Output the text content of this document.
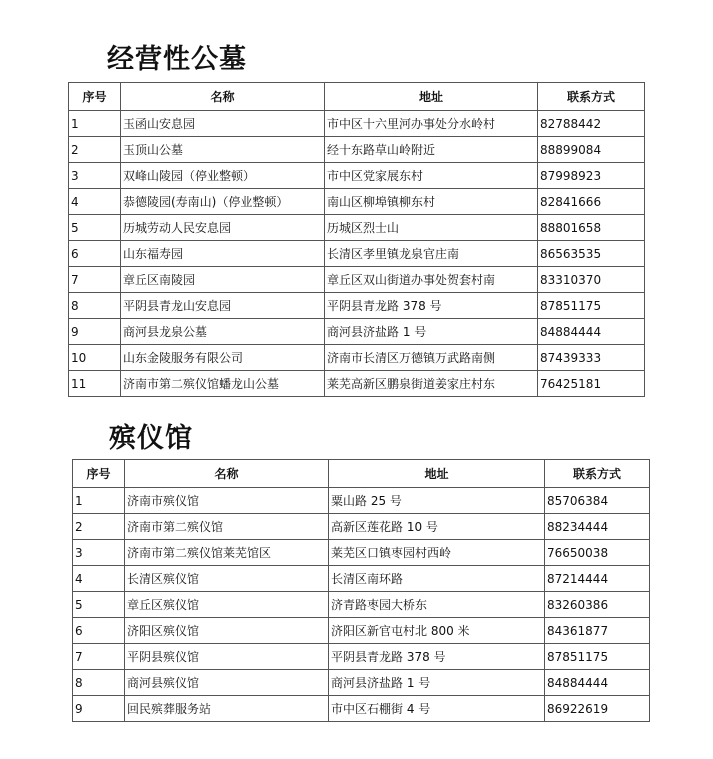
经营性公墓
序号	名称	地址	联系方式
1	玉函山安息园	市中区十六里河办事处分水岭村	82788442
2	玉顶山公墓	经十东路草山岭附近	88899084
3	双峰山陵园（停业整顿）	市中区党家展东村	87998923
4	恭德陵园(寿南山)（停业整顿）	南山区柳埠镇柳东村	82841666
5	历城劳动人民安息园	历城区烈士山	88801658
6	山东福寿园	长清区孝里镇龙泉官庄南	86563535
7	章丘区南陵园	章丘区双山街道办事处贺套村南	83310370
8	平阴县青龙山安息园	平阴县青龙路 378 号	87851175
9	商河县龙泉公墓	商河县济盐路 1 号	84884444
10	山东金陵服务有限公司	济南市长清区万德镇万武路南侧	87439333
11	济南市第二殡仪馆蟠龙山公墓	莱芜高新区鹏泉街道姜家庄村东	76425181
殡仪馆
序号	名称	地址	联系方式
1	济南市殡仪馆	粟山路 25 号	85706384
2	济南市第二殡仪馆	高新区莲花路 10 号	88234444
3	济南市第二殡仪馆莱芜馆区	莱芜区口镇枣园村西岭	76650038
4	长清区殡仪馆	长清区南环路	87214444
5	章丘区殡仪馆	济青路枣园大桥东	83260386
6	济阳区殡仪馆	济阳区新官屯村北 800 米	84361877
7	平阴县殡仪馆	平阴县青龙路 378 号	87851175
8	商河县殡仪馆	商河县济盐路 1 号	84884444
9	回民殡葬服务站	市中区石棚街 4 号	86922619
